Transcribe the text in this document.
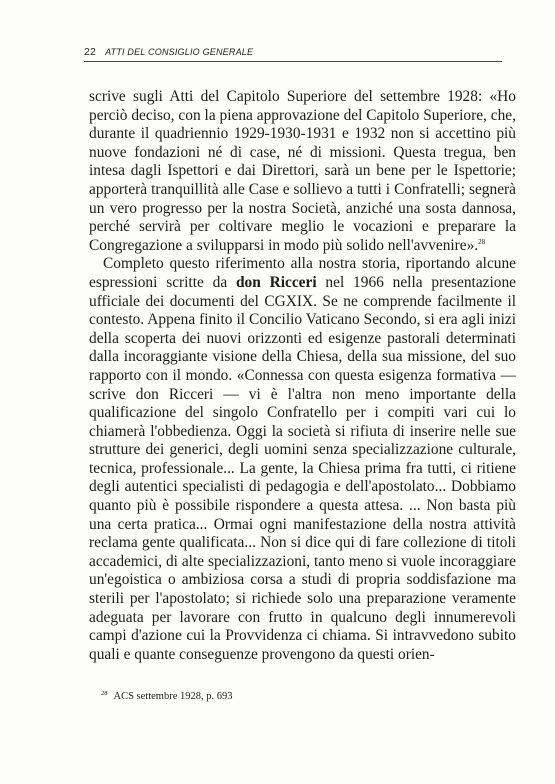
22 ATTI DEL CONSIGLIO GENERALE

scrive sugli Atti del Capitolo Superiore del settembre 1928: «Ho perciò deciso, con la piena approvazione del Capitolo Superiore, che, durante il quadriennio 1929-1930-1931 e 1932 non si accettino più nuove fondazioni né di case, né di missioni. Questa tregua, ben intesa dagli Ispettori e dai Direttori, sarà un bene per le Ispettorie; apporterà tranquillità alle Case e sollievo a tutti i Confratelli; segnerà un vero progresso per la nostra Società, anziché una sosta dannosa, perché servirà per coltivare meglio le vocazioni e preparare la Congregazione a svilupparsi in modo più solido nell'avvenire».$^{28}$

Completo questo riferimento alla nostra storia, riportando alcune espressioni scritte da don Ricceri nel 1966 nella presentazione ufficiale dei documenti del CGXIX. Se ne comprende facilmente il contesto. Appena finito il Concilio Vaticano Secondo, si era agli inizi della scoperta dei nuovi orizzonti ed esigenze pastorali determinati dalla incoraggiante visione della Chiesa, della sua missione, del suo rapporto con il mondo. «Connessa con questa esigenza formativa — scrive don Ricceri — vi è l'altra non meno importante della qualificazione del singolo Confratello per i compiti vari cui lo chiamerà l'obbedienza. Oggi la società si rifiuta di inserire nelle sue strutture dei generici, degli uomini senza specializzazione culturale, tecnica, professionale... La gente, la Chiesa prima fra tutti, ci ritiene degli autentici specialisti di pedagogia e dell'apostolato... Dobbiamo quanto più è possibile rispondere a questa attesa. ... Non basta più una certa pratica... Ormai ogni manifestazione della nostra attività reclama gente qualificata... Non si dice qui di fare collezione di titoli accademici, di alte specializzazioni, tanto meno si vuole incoraggiare un'egoistica o ambiziosa corsa a studi di propria soddisfazione ma sterili per l'apostolato; si richiede solo una preparazione veramente adeguata per lavorare con frutto in qualcuno degli innumerevoli campi d'azione cui la Provvidenza ci chiama. Si intravvedono subito quali e quante conseguenze provengono da questi orien-

$^{28}$ ACS settembre 1928, p. 693
